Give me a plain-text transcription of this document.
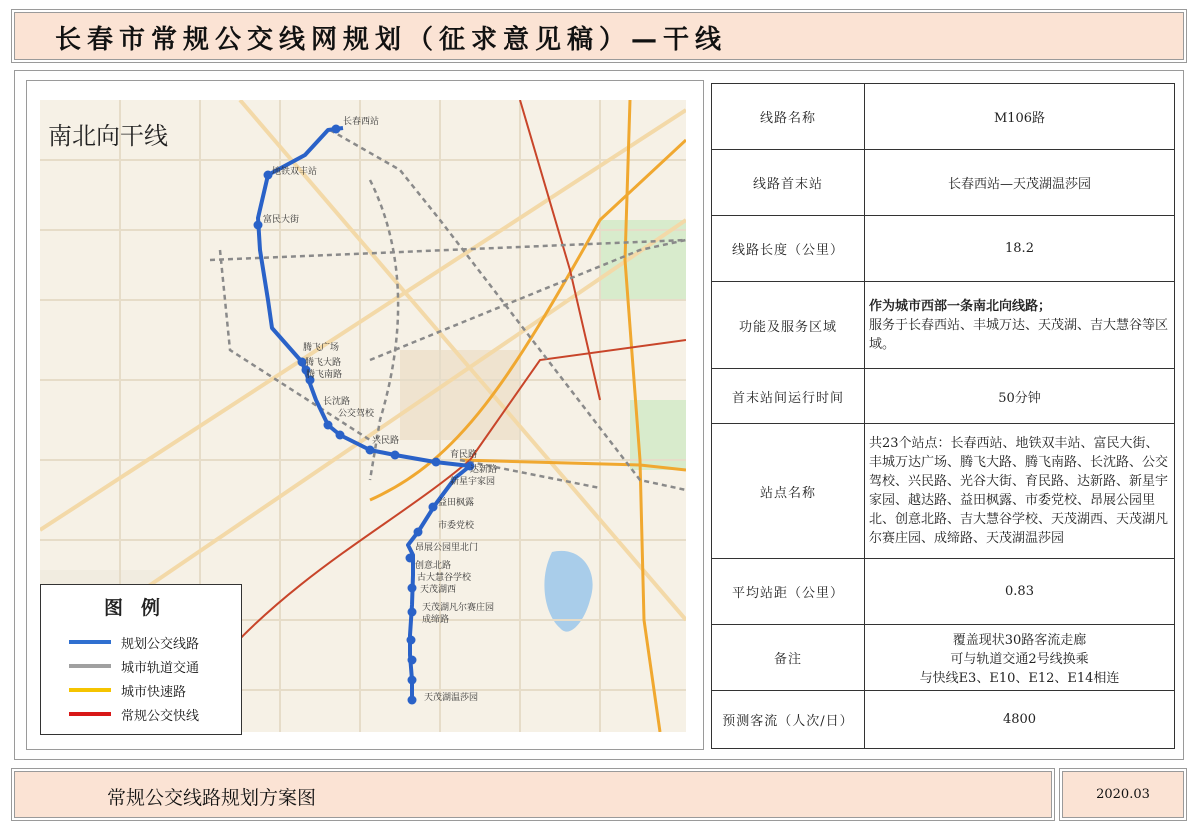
长春市常规公交线网规划（征求意见稿）—干线
南北向干线	长春西站
地铁双丰站
富民大街
腾飞广场
腾飞大路
腾飞南路
长沈路
公交驾校
兴民路
育民路
达新路
新星宇家园
益田枫露
市委党校
昂展公园里北门
创意北路
古大慧谷学校
天茂湖西
天茂湖凡尔赛庄园
成缔路
天茂湖温莎园
图例
规划公交线路
城市轨道交通
城市快速路
常规公交快线
线路名称	M106路
线路首末站	长春西站—天茂湖温莎园
线路长度（公里）	18.2
功能及服务区域	作为城市西部一条南北向线路；
服务于长春西站、丰城万达、天茂湖、吉大慧谷等区域。
首末站间运行时间	50分钟
站点名称	共23个站点：长春西站、地铁双丰站、富民大街、丰城万达广场、腾飞大路、腾飞南路、长沈路、公交驾校、兴民路、光谷大街、育民路、达新路、新星宇家园、越达路、益田枫露、市委党校、昂展公园里北、创意北路、吉大慧谷学校、天茂湖西、天茂湖凡尔赛庄园、成缔路、天茂湖温莎园
平均站距（公里）	0.83
备注	覆盖现状30路客流走廊
可与轨道交通2号线换乘
与快线E3、E10、E12、E14相连

预测客流（人次/日）	4800
常规公交线路规划方案图	2020.03
